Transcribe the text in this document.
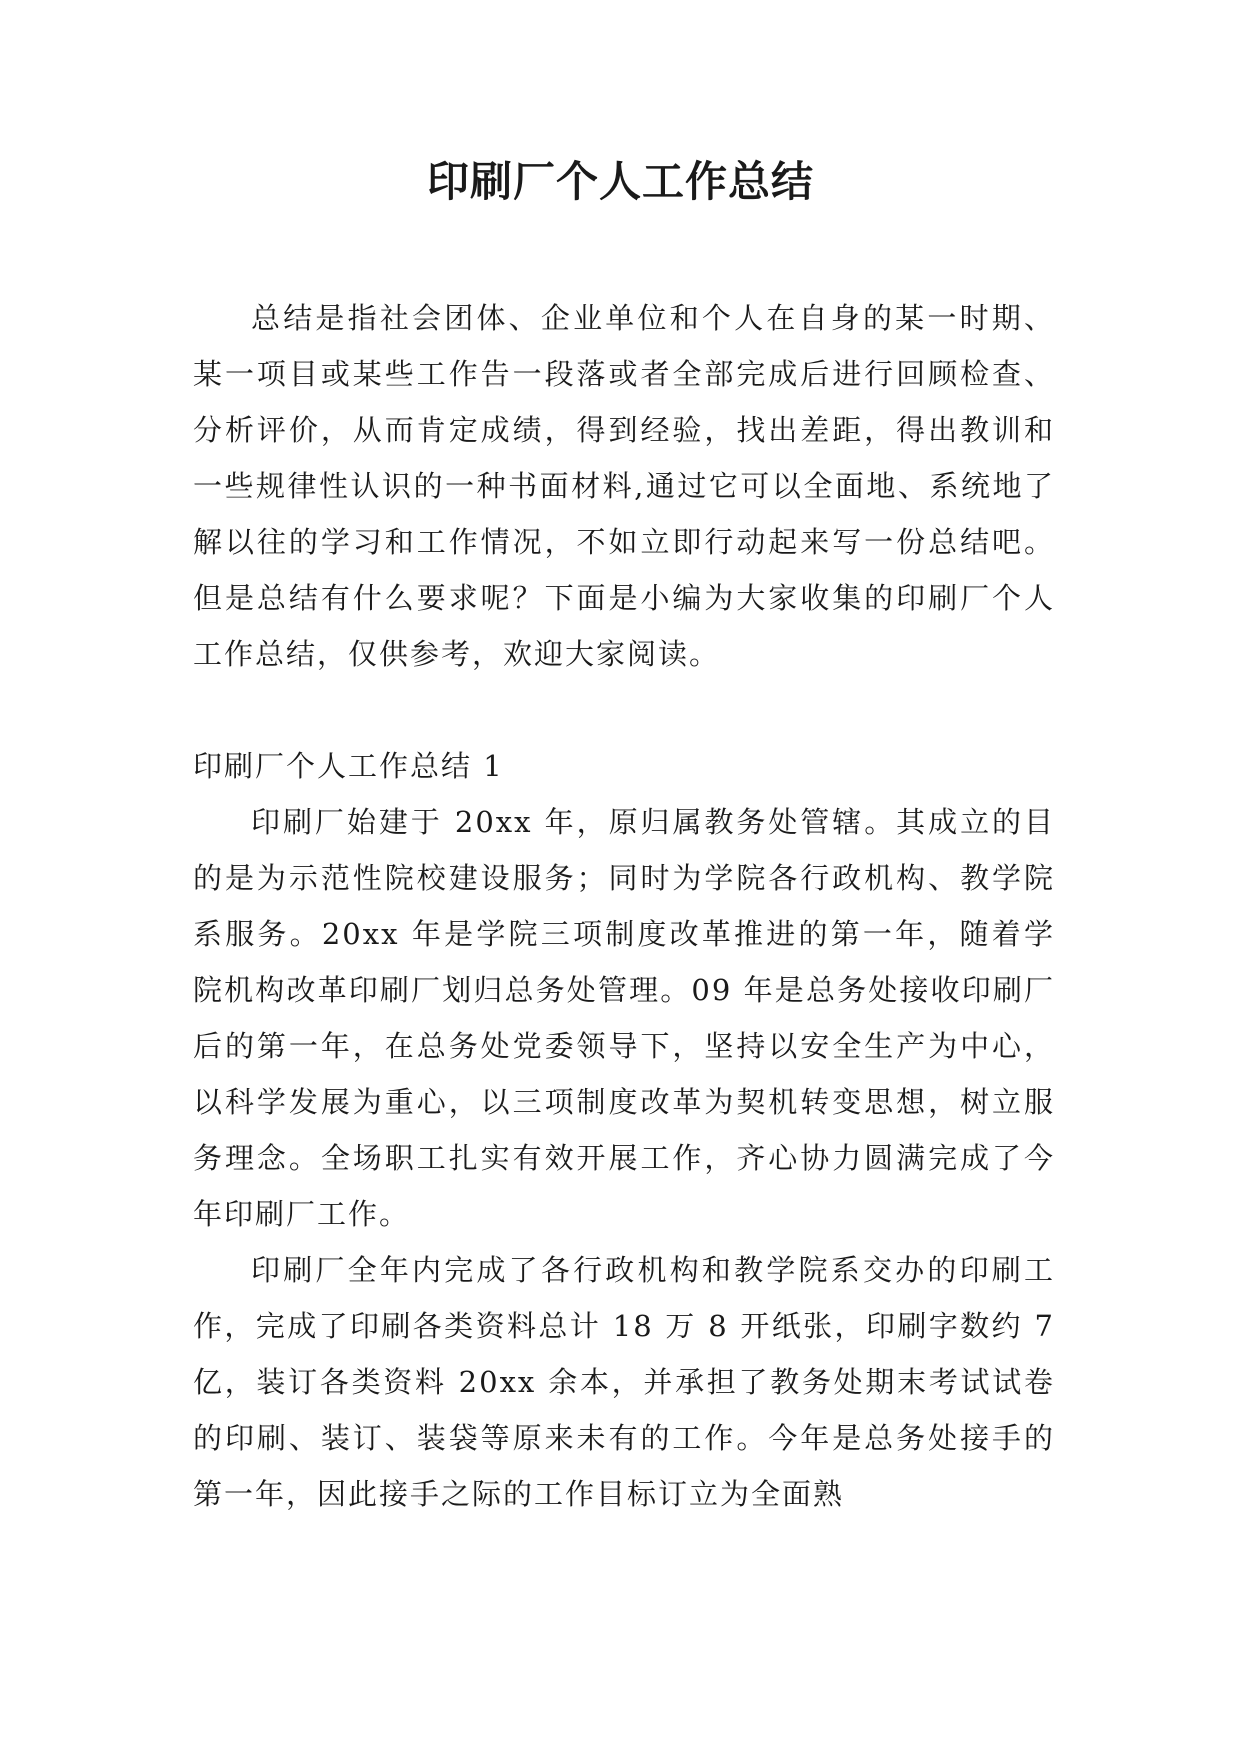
印刷厂个人工作总结

总结是指社会团体、企业单位和个人在自身的某一时期、某一项目或某些工作告一段落或者全部完成后进行回顾检查、分析评价，从而肯定成绩，得到经验，找出差距，得出教训和一些规律性认识的一种书面材料,通过它可以全面地、系统地了解以往的学习和工作情况，不如立即行动起来写一份总结吧。但是总结有什么要求呢？下面是小编为大家收集的印刷厂个人工作总结，仅供参考，欢迎大家阅读。

印刷厂个人工作总结 1

印刷厂始建于 20xx 年，原归属教务处管辖。其成立的目的是为示范性院校建设服务；同时为学院各行政机构、教学院系服务。20xx 年是学院三项制度改革推进的第一年，随着学院机构改革印刷厂划归总务处管理。09 年是总务处接收印刷厂后的第一年，在总务处党委领导下，坚持以安全生产为中心，以科学发展为重心，以三项制度改革为契机转变思想，树立服务理念。全场职工扎实有效开展工作，齐心协力圆满完成了今年印刷厂工作。

印刷厂全年内完成了各行政机构和教学院系交办的印刷工作，完成了印刷各类资料总计 18 万 8 开纸张，印刷字数约 7 亿，装订各类资料 20xx 余本，并承担了教务处期末考试试卷的印刷、装订、装袋等原来未有的工作。今年是总务处接手的第一年，因此接手之际的工作目标订立为全面熟
